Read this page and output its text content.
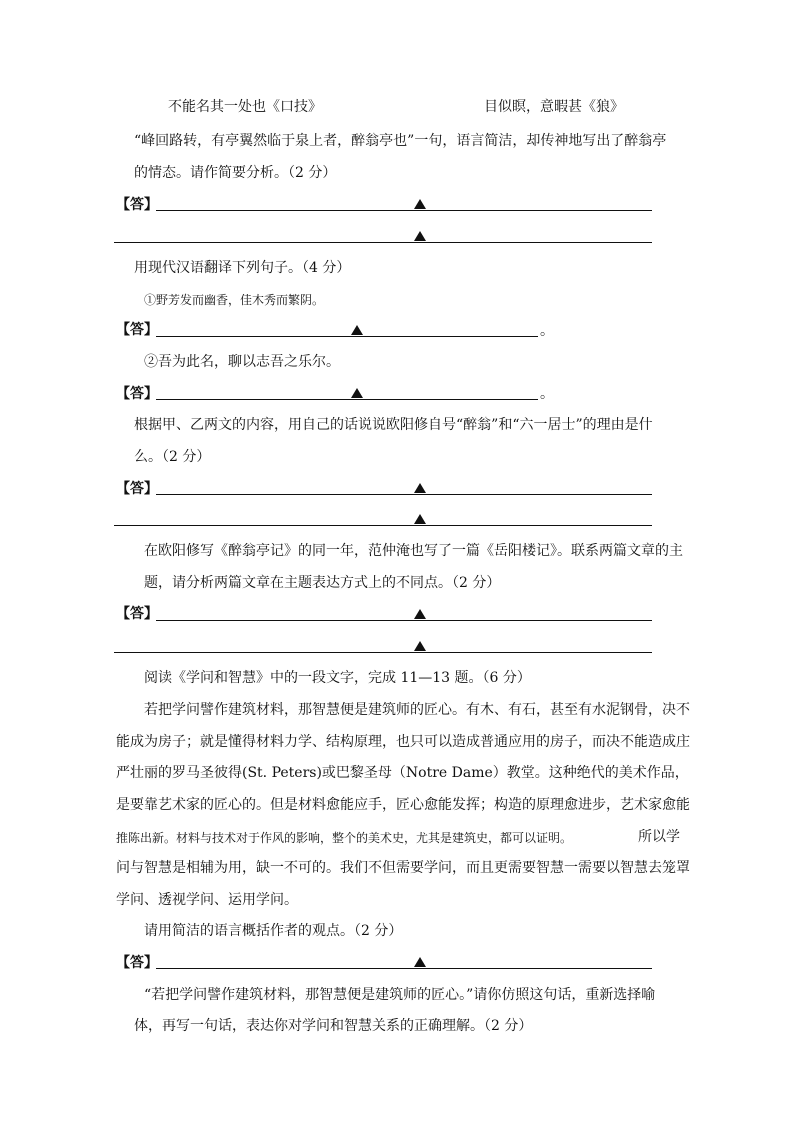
不能名其一处也《口技》	目似瞑，意暇甚《狼》
“峰回路转，有亭翼然临于泉上者，醉翁亭也”一句，语言简洁，却传神地写出了醉翁亭
的情态。请作简要分析。（2 分）
【答】
用现代汉语翻译下列句子。（4 分）
①野芳发而幽香，佳木秀而繁阴。
【答】	。
②吾为此名，聊以志吾之乐尔。
【答】	。
根据甲、乙两文的内容，用自己的话说说欧阳修自号“醉翁”和“六一居士”的理由是什
么。（2 分）
【答】
在欧阳修写《醉翁亭记》的同一年，范仲淹也写了一篇《岳阳楼记》。联系两篇文章的主
题，请分析两篇文章在主题表达方式上的不同点。（2 分）
【答】
阅读《学问和智慧》中的一段文字，完成 11—13 题。（6 分）
若把学问譬作建筑材料，那智慧便是建筑师的匠心。有木、有石，甚至有水泥钢骨，决不
能成为房子；就是懂得材料力学、结构原理，也只可以造成普通应用的房子，而决不能造成庄
严壮丽的罗马圣彼得(St. Peters)或巴黎圣母（Notre Dame）教堂。这种绝代的美术作品，
是要靠艺术家的匠心的。但是材料愈能应手，匠心愈能发挥；构造的原理愈进步，艺术家愈能
推陈出新。材料与技术对于作风的影响，整个的美术史，尤其是建筑史，都可以证明。	所以学
问与智慧是相辅为用，缺一不可的。我们不但需要学问，而且更需要智慧一需要以智慧去笼罩
学问、透视学问、运用学问。
请用简洁的语言概括作者的观点。（2 分）
【答】
“若把学问譬作建筑材料，那智慧便是建筑师的匠心。”请你仿照这句话，重新选择喻
体，再写一句话，表达你对学问和智慧关系的正确理解。（2 分）
